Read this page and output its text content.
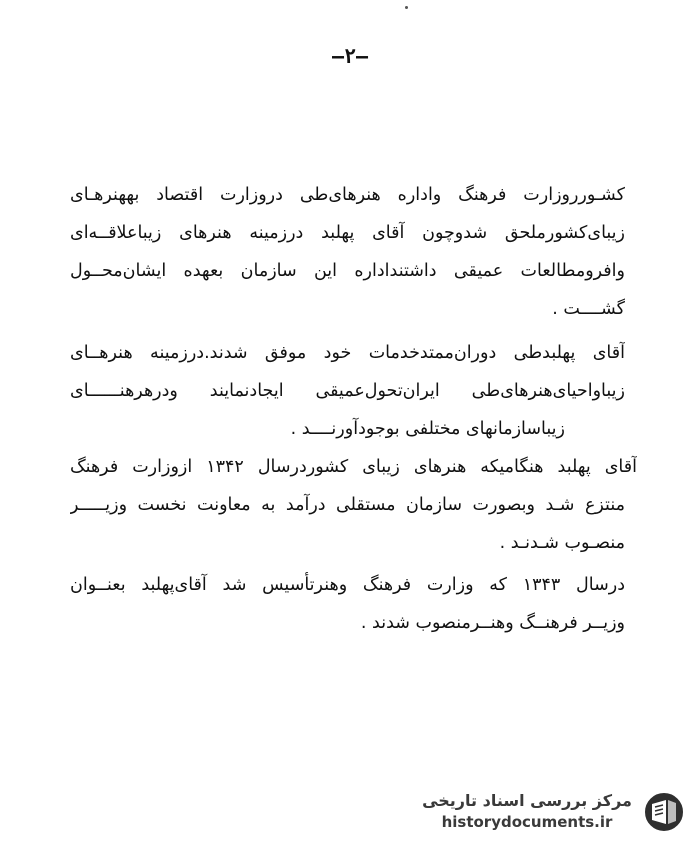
—۲—
کشـورروزارت فرهنگ واداره هنرهای‌طی دروزارت اقتصاد بههنرهـای
زیبای‌کشورملحق شدوچون آقای پهلبد درزمینه هنرهای زیباعلاقــه‌ای
وافرومطالعات عمیقی داشتنداداره این سازمان بعهده ایشان‌محــول
گشــــت .
آقای پهلبدطی دوران‌ممتدخدمات خود موفق شدند.درزمینه هنرهــای
زیباواحیای‌هنرهای‌طی ایران‌تحول‌عمیقی ایجادنمایند ودرهرهنــــــای
زیباسازمانهای مختلفی بوجودآورنــــد .
آقای پهلبد هنگامیکه هنرهای زیبای کشوردرسال ۱۳۴۲ ازوزارت فرهنگ
منتزع شـد وبصورت سازمان مستقلی درآمد به معاونت نخست وزیـــــر
منصـوب شـدنـد .
درسال ۱۳۴۳ که وزارت فرهنگ وهنرتأسیس شد آقای‌پهلبد بعنــوان
وزیــر فرهنــگ وهنــرمنصوب شدند .
مرکز بررسی اسناد تاریخی
historydocuments.ir
